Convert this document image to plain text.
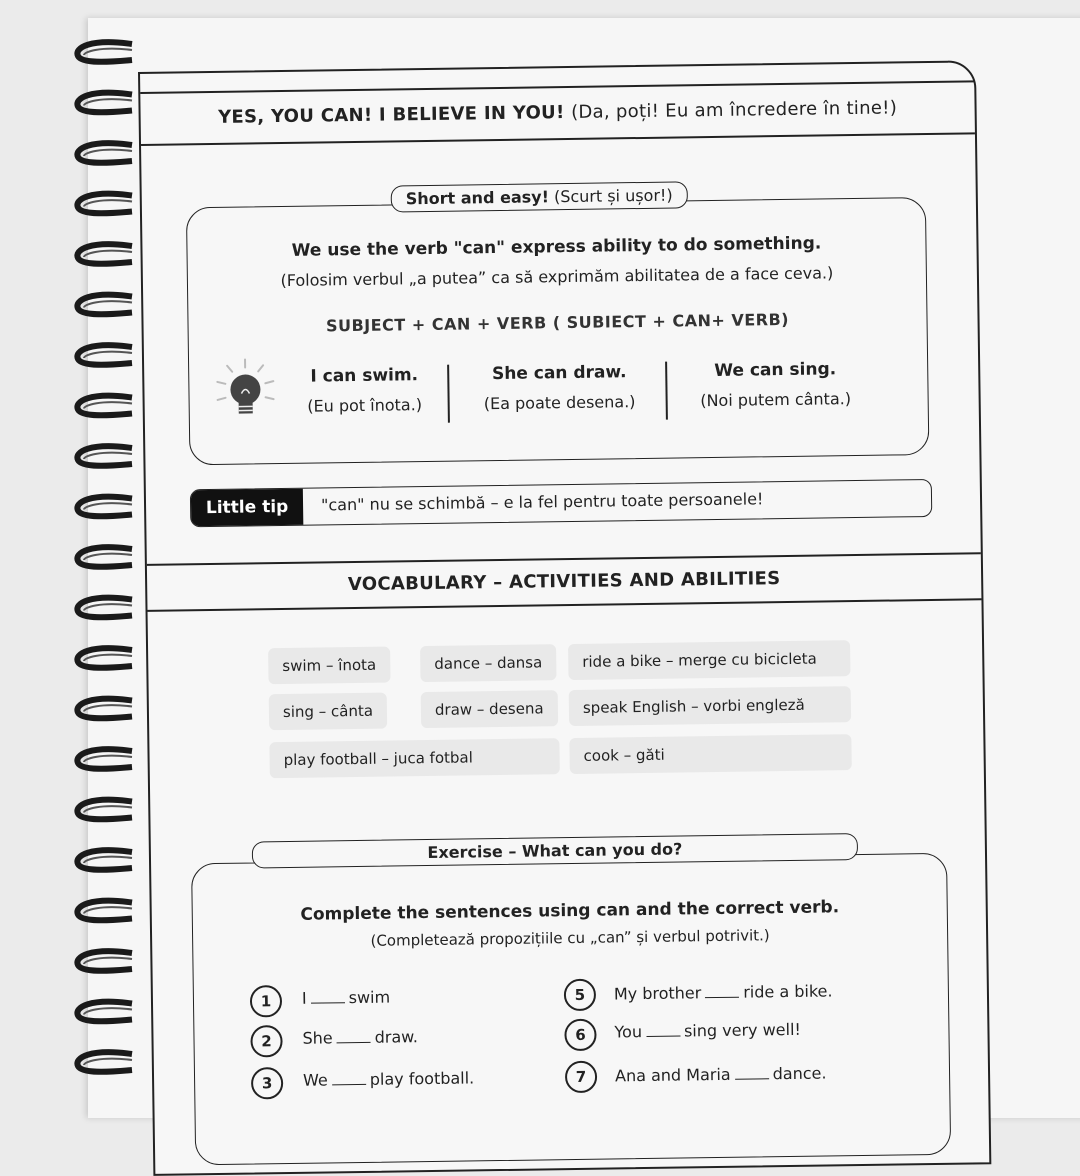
YES, YOU CAN! I BELIEVE IN YOU! (Da, poți! Eu am încredere în tine!)
Short and easy! (Scurt și ușor!)
We use the verb "can" express ability to do something.
(Folosim verbul „a putea” ca să exprimăm abilitatea de a face ceva.)
SUBJECT + CAN + VERB ( SUBIECT + CAN+ VERB)
I can swim.
(Eu pot înota.)
She can draw.
(Ea poate desena.)
We can sing.
(Noi putem cânta.)
Little tip	"can" nu se schimbă – e la fel pentru toate persoanele!
VOCABULARY – ACTIVITIES AND ABILITIES
swim – înota	dance – dansa	ride a bike – merge cu bicicleta
sing – cânta	draw – desena	speak English – vorbi engleză
play football – juca fotbal	cook – găti
Exercise – What can you do?
Complete the sentences using can and the correct verb.
(Completează propozițiile cu „can” și verbul potrivit.)
1	I	swim
2	She	draw.
3	We	play football.
5	My brother	ride a bike.
6	You	sing very well!
7	Ana and Maria	dance.
